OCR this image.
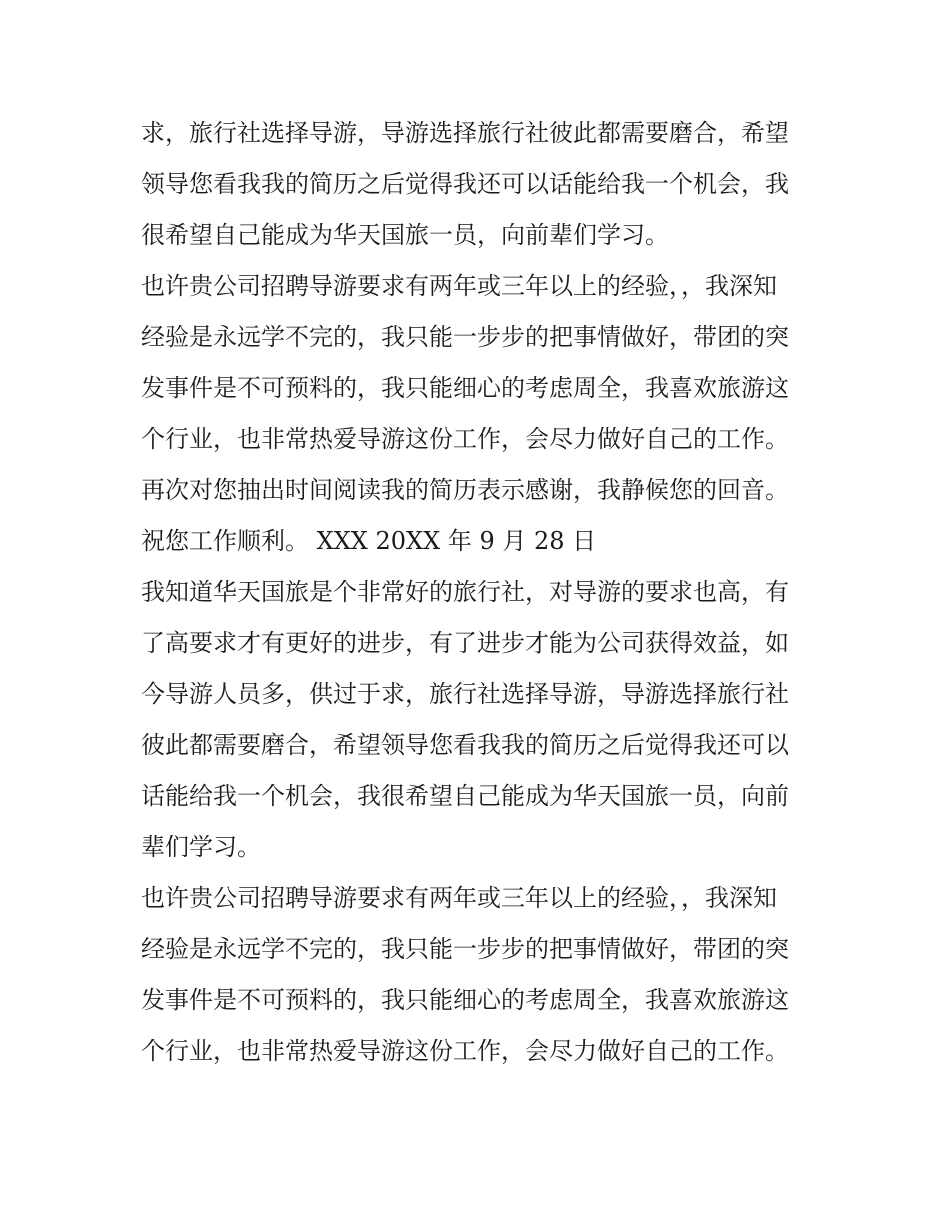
求，旅行社选择导游，导游选择旅行社彼此都需要磨合，希望
领导您看我我的简历之后觉得我还可以话能给我一个机会，我
很希望自己能成为华天国旅一员，向前辈们学习。
也许贵公司招聘导游要求有两年或三年以上的经验，，我深知
经验是永远学不完的，我只能一步步的把事情做好，带团的突
发事件是不可预料的，我只能细心的考虑周全，我喜欢旅游这
个行业，也非常热爱导游这份工作，会尽力做好自己的工作。
再次对您抽出时间阅读我的简历表示感谢，我静候您的回音。
祝您工作顺利。 XXX 20XX 年 9 月 28 日
我知道华天国旅是个非常好的旅行社，对导游的要求也高，有
了高要求才有更好的进步，有了进步才能为公司获得效益，如
今导游人员多，供过于求，旅行社选择导游，导游选择旅行社
彼此都需要磨合，希望领导您看我我的简历之后觉得我还可以
话能给我一个机会，我很希望自己能成为华天国旅一员，向前
辈们学习。
也许贵公司招聘导游要求有两年或三年以上的经验，，我深知
经验是永远学不完的，我只能一步步的把事情做好，带团的突
发事件是不可预料的，我只能细心的考虑周全，我喜欢旅游这
个行业，也非常热爱导游这份工作，会尽力做好自己的工作。
